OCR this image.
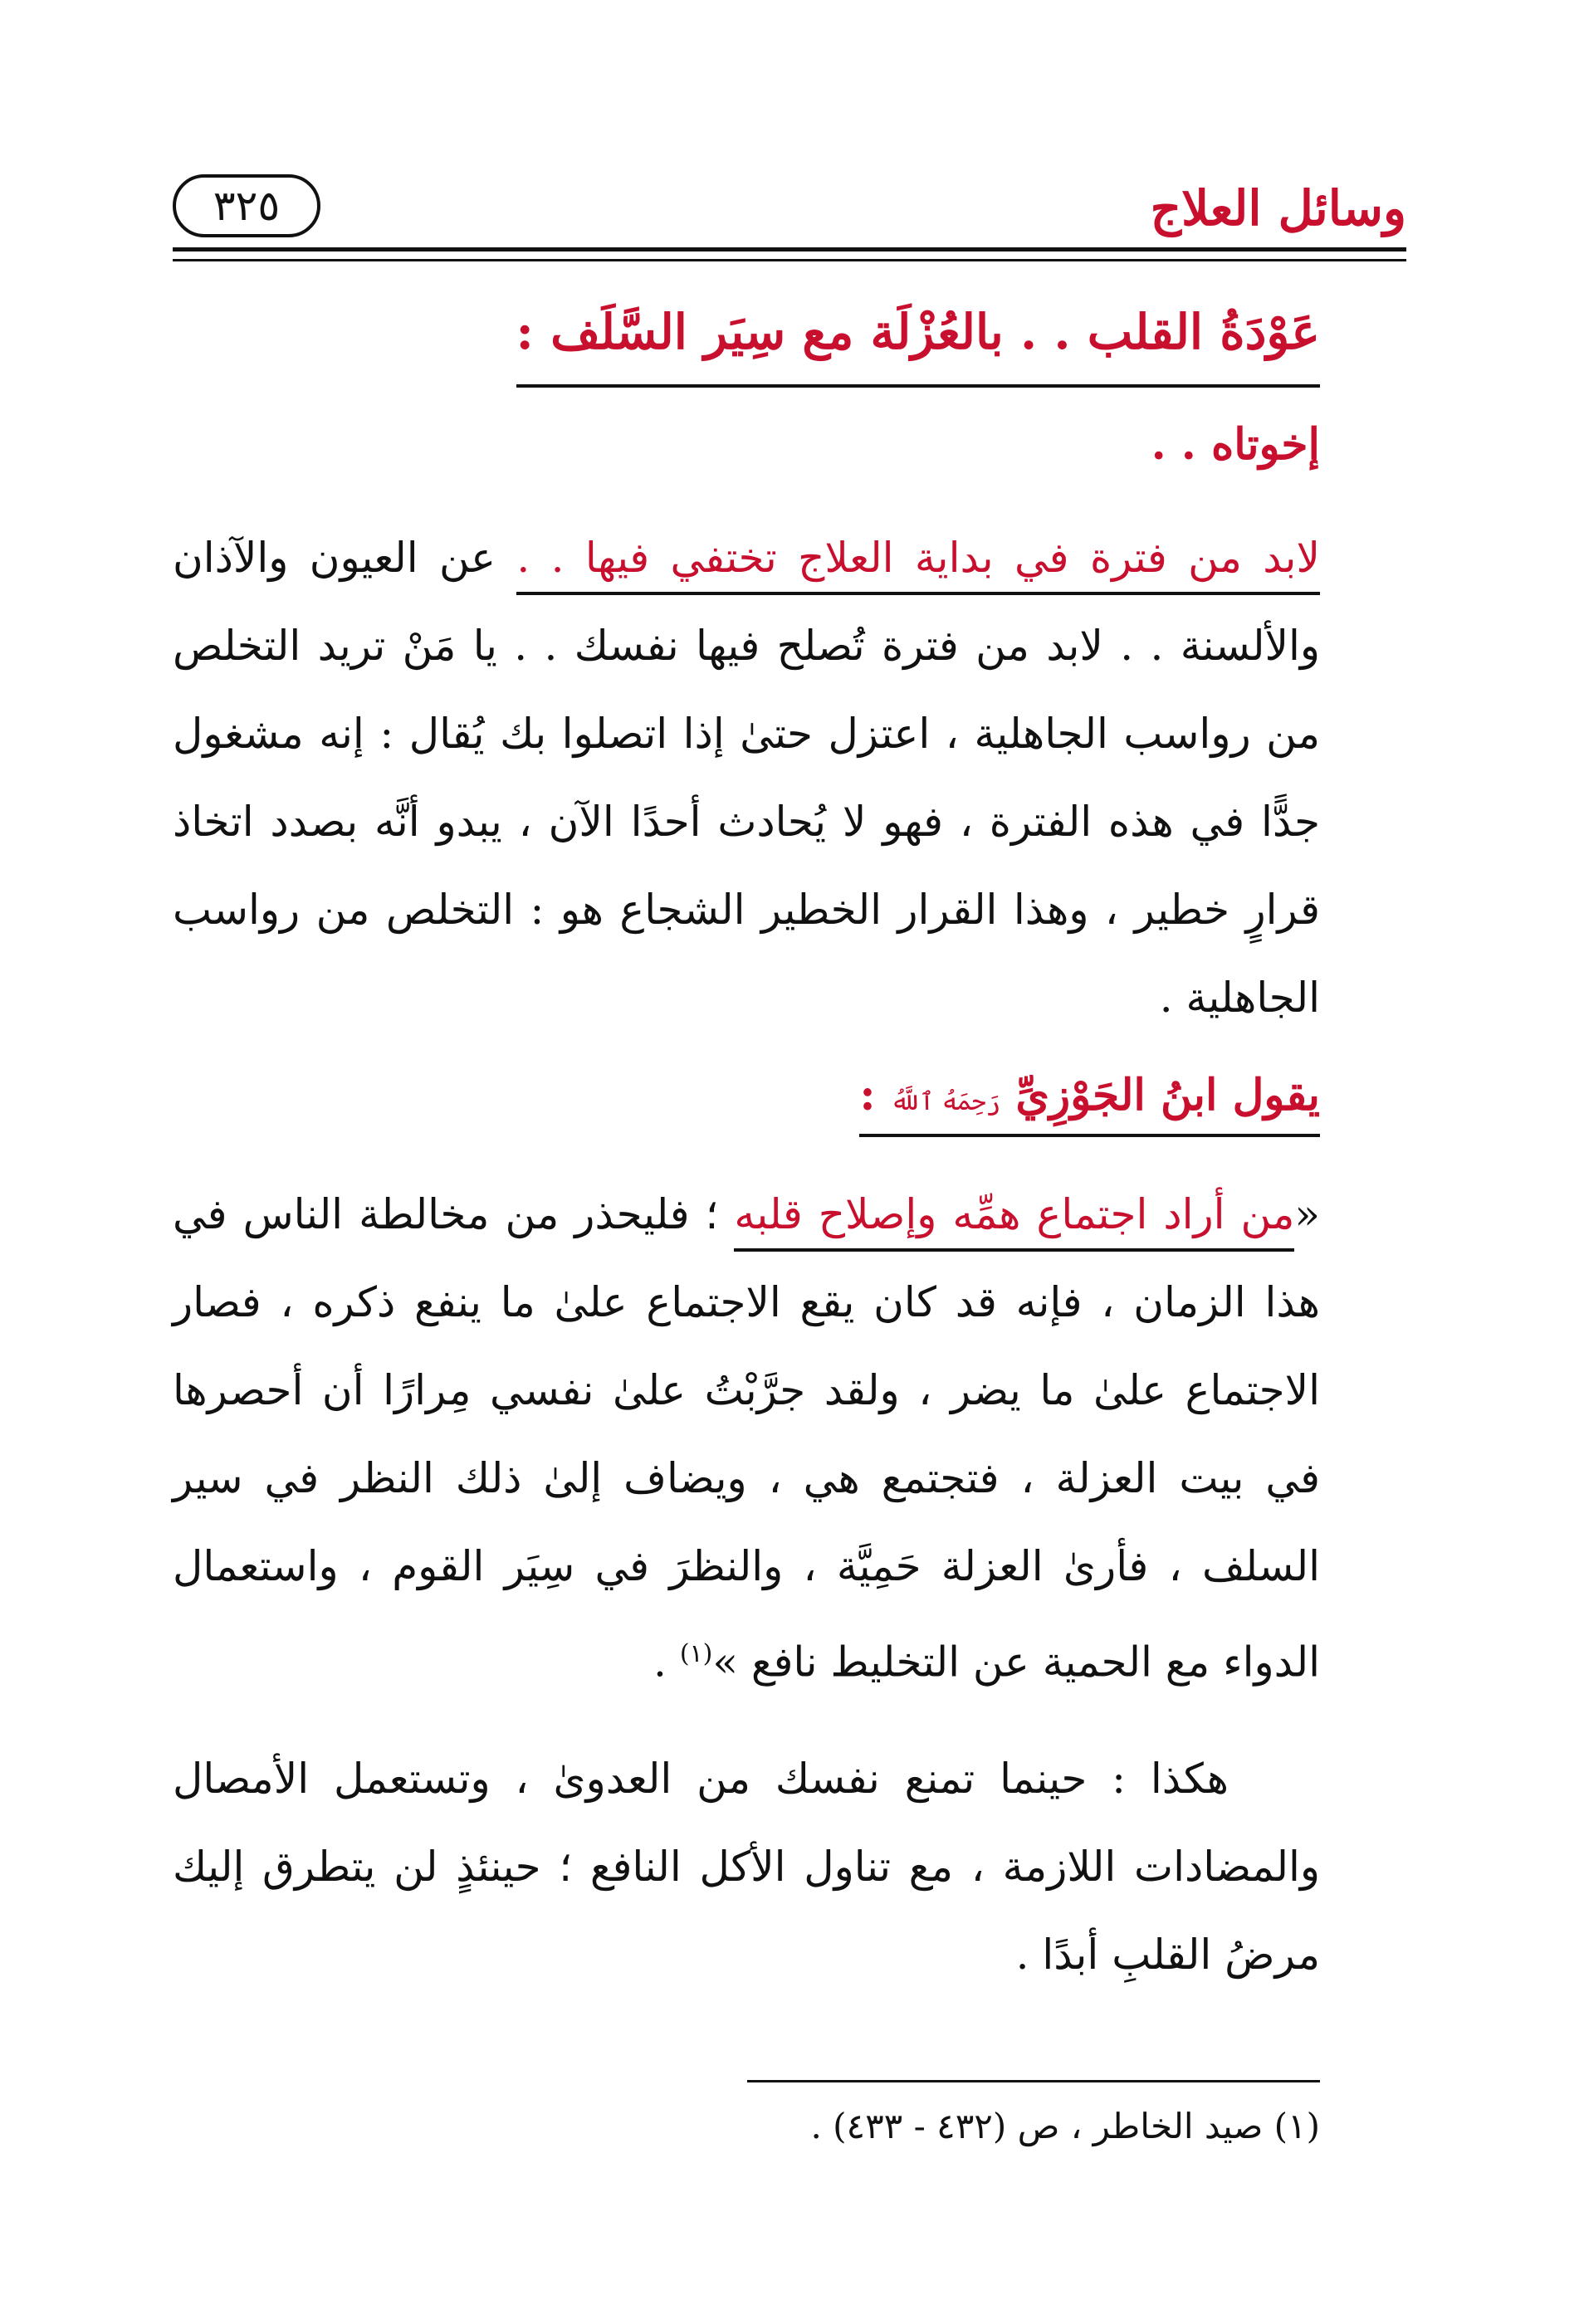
وسائل العلاج
٣٢٥
عَوْدَةُ القلب . . بالعُزْلَة مع سِيَر السَّلَف :

إخوتاه . .

لابد من فترة في بداية العلاج تختفي فيها . . عن العيون والآذان والألسنة . . لابد من فترة تُصلح فيها نفسك . . يا مَنْ تريد التخلص من رواسب الجاهلية ، اعتزل حتىٰ إذا اتصلوا بك يُقال : إنه مشغول جدًّا في هذه الفترة ، فهو لا يُحادث أحدًا الآن ، يبدو أنَّه بصدد اتخاذ قرارٍ خطير ، وهذا القرار الخطير الشجاع هو : التخلص من رواسب الجاهلية .

يقول ابنُ الجَوْزِيِّ رَحِمَهُ ٱللَّهُ :

«من أراد اجتماع همِّه وإصلاح قلبه ؛ فليحذر من مخالطة الناس في هذا الزمان ، فإنه قد كان يقع الاجتماع علىٰ ما ينفع ذكره ، فصار الاجتماع علىٰ ما يضر ، ولقد جرَّبْتُ علىٰ نفسي مِرارًا أن أحصرها في بيت العزلة ، فتجتمع هي ، ويضاف إلىٰ ذلك النظر في سير السلف ، فأرىٰ العزلة حَمِيَّة ، والنظرَ في سِيَر القوم ، واستعمال الدواء مع الحمية عن التخليط نافع »$^{(١)}$ .

هكذا : حينما تمنع نفسك من العدوىٰ ، وتستعمل الأمصال والمضادات اللازمة ، مع تناول الأكل النافع ؛ حينئذٍ لن يتطرق إليك مرضُ القلبِ أبدًا .

(١) صيد الخاطر ، ص (٤٣٢ - ٤٣٣) .
